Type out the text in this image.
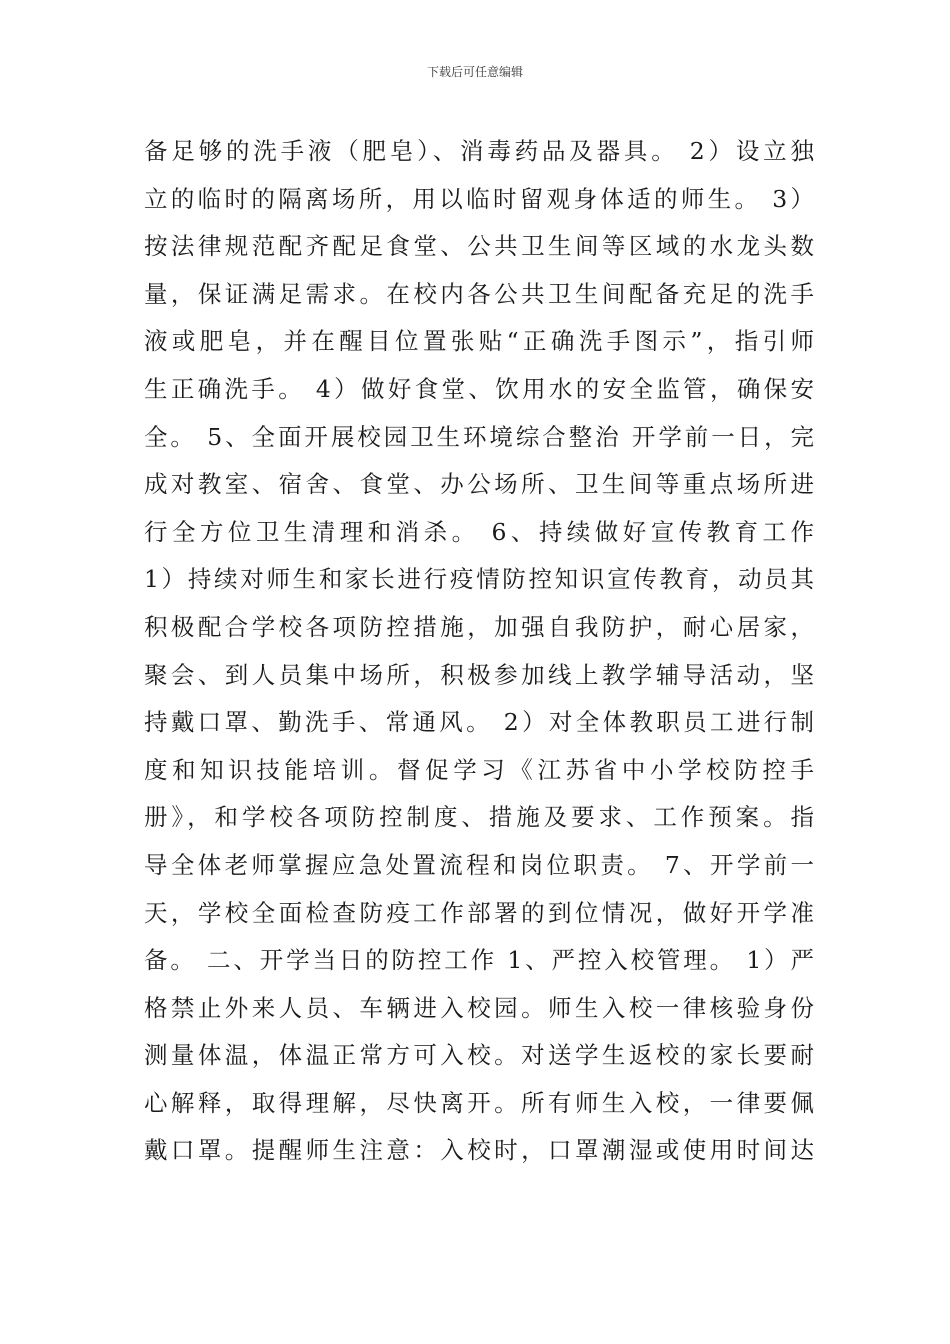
下载后可任意编辑
备足够的洗手液（肥皂）、消毒药品及器具。 2）设立独
立的临时的隔离场所，用以临时留观身体适的师生。 3）
按法律规范配齐配足食堂、公共卫生间等区域的水龙头数
量，保证满足需求。在校内各公共卫生间配备充足的洗手
液或肥皂，并在醒目位置张贴“正确洗手图示”，指引师
生正确洗手。 4）做好食堂、饮用水的安全监管，确保安
全。 5、全面开展校园卫生环境综合整治 开学前一日，完
成对教室、宿舍、食堂、办公场所、卫生间等重点场所进
行全方位卫生清理和消杀。 6、持续做好宣传教育工作
1）持续对师生和家长进行疫情防控知识宣传教育，动员其
积极配合学校各项防控措施，加强自我防护，耐心居家，
聚会、到人员集中场所，积极参加线上教学辅导活动，坚
持戴口罩、勤洗手、常通风。 2）对全体教职员工进行制
度和知识技能培训。督促学习《江苏省中小学校防控手
册》，和学校各项防控制度、措施及要求、工作预案。指
导全体老师掌握应急处置流程和岗位职责。 7、开学前一
天，学校全面检查防疫工作部署的到位情况，做好开学准
备。 二、开学当日的防控工作 1、严控入校管理。 1）严
格禁止外来人员、车辆进入校园。师生入校一律核验身份
测量体温，体温正常方可入校。对送学生返校的家长要耐
心解释，取得理解，尽快离开。所有师生入校，一律要佩
戴口罩。提醒师生注意：入校时，口罩潮湿或使用时间达
